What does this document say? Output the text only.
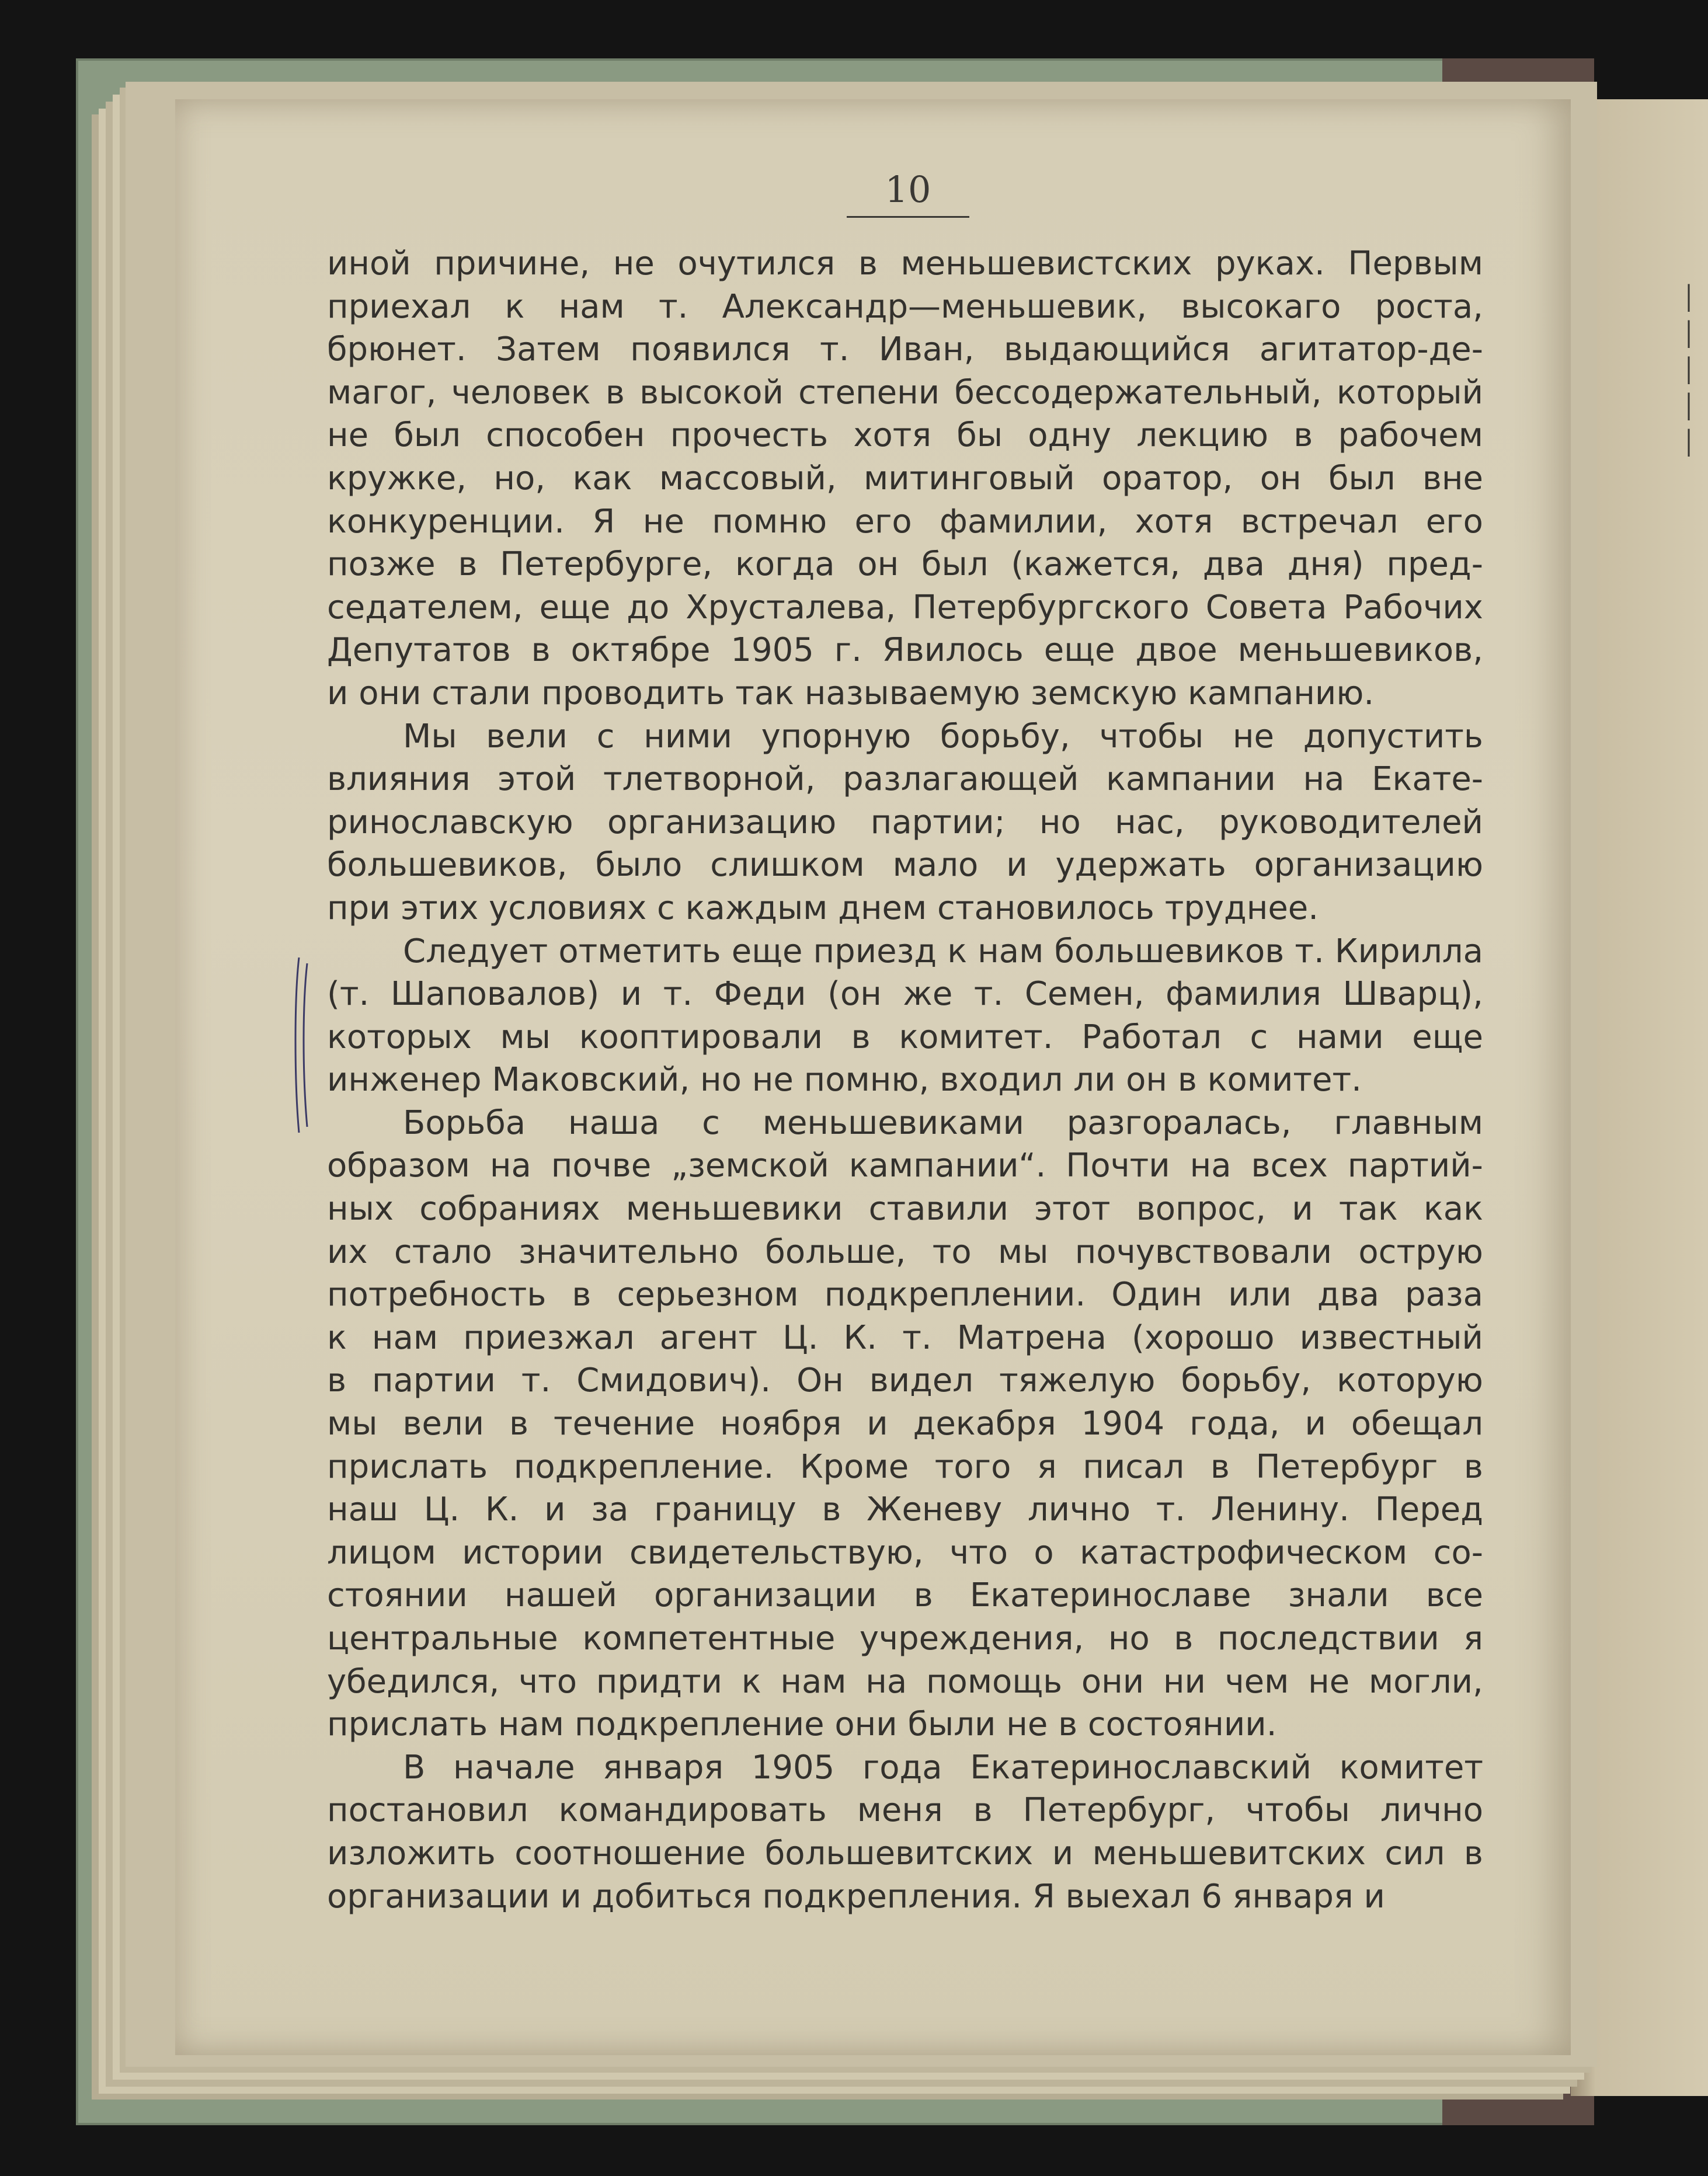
│
│
│
│
│
10
иной причине, не очутился в меньшевистских руках. Первым
приехал к нам т. Александр—меньшевик, высокаго роста,
брюнет. Затем появился т. Иван, выдающийся агитатор-де-
магог, человек в высокой степени бессодержательный, который
не был способен прочесть хотя бы одну лекцию в рабочем
кружке, но, как массовый, митинговый оратор, он был вне
конкуренции. Я не помню его фамилии, хотя встречал его
позже в Петербурге, когда он был (кажется, два дня) пред-
седателем, еще до Хрусталева, Петербургского Совета Рабочих
Депутатов в октябре 1905 г. Явилось еще двое меньшевиков,
и они стали проводить так называемую земскую кампанию.
Мы вели с ними упорную борьбу, чтобы не допустить
влияния этой тлетворной, разлагающей кампании на Екате-
ринославскую организацию партии; но нас, руководителей
большевиков, было слишком мало и удержать организацию
при этих условиях с каждым днем становилось труднее.
Следует отметить еще приезд к нам большевиков т. Кирилла
(т. Шаповалов) и т. Феди (он же т. Семен, фамилия Шварц),
которых мы кооптировали в комитет. Работал с нами еще
инженер Маковский, но не помню, входил ли он в комитет.
Борьба наша с меньшевиками разгоралась, главным
образом на почве „земской кампании“. Почти на всех партий-
ных собраниях меньшевики ставили этот вопрос, и так как
их стало значительно больше, то мы почувствовали острую
потребность в серьезном подкреплении. Один или два раза
к нам приезжал агент Ц. К. т. Матрена (хорошо известный
в партии т. Смидович). Он видел тяжелую борьбу, которую
мы вели в течение ноября и декабря 1904 года, и обещал
прислать подкрепление. Кроме того я писал в Петербург в
наш Ц. К. и за границу в Женеву лично т. Ленину. Перед
лицом истории свидетельствую, что о катастрофическом со-
стоянии нашей организации в Екатеринославе знали все
центральные компетентные учреждения, но в последствии я
убедился, что придти к нам на помощь они ни чем не могли,
прислать нам подкрепление они были не в состоянии.
В начале января 1905 года Екатеринославский комитет
постановил командировать меня в Петербург, чтобы лично
изложить соотношение большевитских и меньшевитских сил в
организации и добиться подкрепления. Я выехал 6 января и
